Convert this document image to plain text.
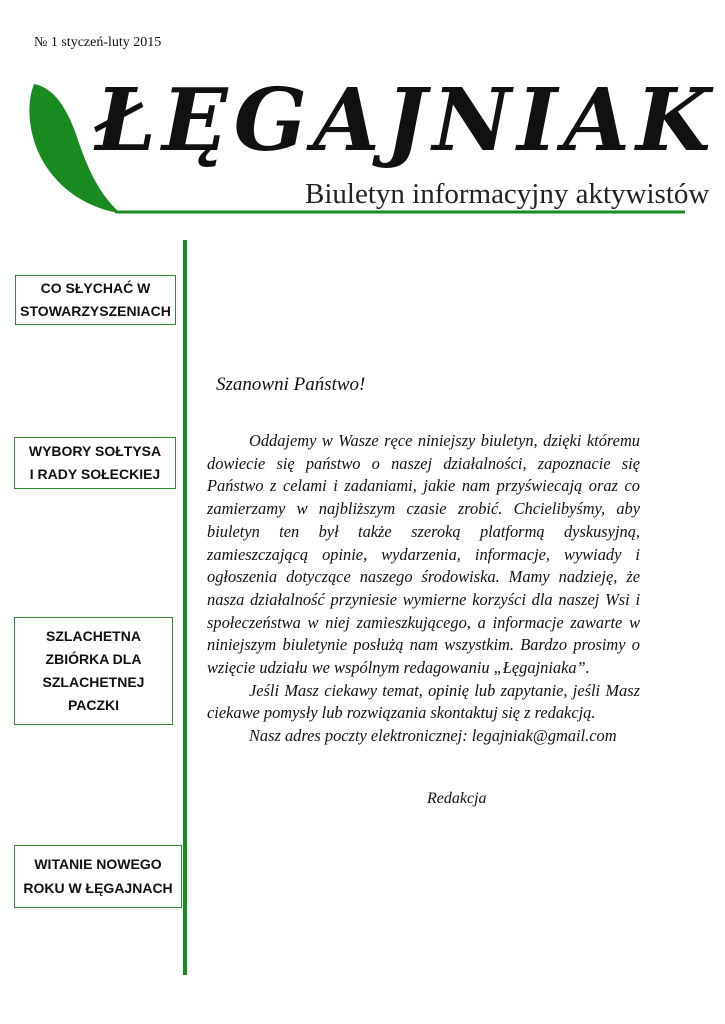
№ 1 styczeń-luty 2015
ŁĘGAJNIAK
Biuletyn informacyjny aktywistów
CO SŁYCHAĆ W
STOWARZYSZENIACH
WYBORY SOŁTYSA
I RADY SOŁECKIEJ
SZLACHETNA
ZBIÓRKA DLA
SZLACHETNEJ
PACZKI
WITANIE NOWEGO
ROKU W ŁĘGAJNACH
Szanowni Państwo!

Oddajemy w Wasze ręce niniejszy biuletyn, dzięki któremu dowiecie się państwo o naszej działalności, zapoznacie się Państwo z celami i zadaniami, jakie nam przyświecają oraz co zamierzamy w najbliższym czasie zrobić. Chcielibyśmy, aby biuletyn ten był także szeroką platformą dyskusyjną, zamieszczającą opinie, wydarzenia, informacje, wywiady i ogłoszenia dotyczące naszego środowiska. Mamy nadzieję, że nasza działalność przyniesie wymierne korzyści dla naszej Wsi i społeczeństwa w niej zamieszkującego, a informacje zawarte w niniejszym biuletynie posłużą nam wszystkim. Bardzo prosimy o wzięcie udziału we wspólnym redagowaniu „Łęgajniaka”.

Jeśli Masz ciekawy temat, opinię lub zapytanie, jeśli Masz ciekawe pomysły lub rozwiązania skontaktuj się z redakcją.

Nasz adres poczty elektronicznej: legajniak@gmail.com

Redakcja
